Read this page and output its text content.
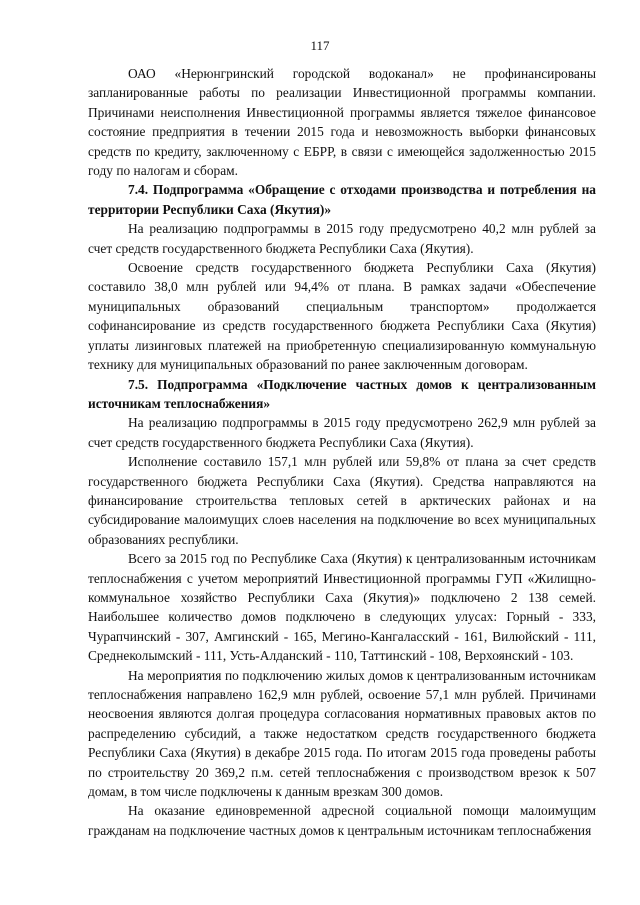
117

ОАО «Нерюнгринский городской водоканал» не профинансированы запланированные работы по реализации Инвестиционной программы компании. Причинами неисполнения Инвестиционной программы является тяжелое финансовое состояние предприятия в течении 2015 года и невозможность выборки финансовых средств по кредиту, заключенному с ЕБРР, в связи с имеющейся задолженностью 2015 году по налогам и сборам.

7.4. Подпрограмма «Обращение с отходами производства и потребления на территории Республики Саха (Якутия)»

На реализацию подпрограммы в 2015 году предусмотрено 40,2 млн рублей за счет средств государственного бюджета Республики Саха (Якутия).

Освоение средств государственного бюджета Республики Саха (Якутия) составило 38,0 млн рублей или 94,4% от плана. В рамках задачи «Обеспечение муниципальных образований специальным транспортом» продолжается софинансирование из средств государственного бюджета Республики Саха (Якутия) уплаты лизинговых платежей на приобретенную специализированную коммунальную технику для муниципальных образований по ранее заключенным договорам.

7.5. Подпрограмма «Подключение частных домов к централизованным источникам теплоснабжения»

На реализацию подпрограммы в 2015 году предусмотрено 262,9 млн рублей за счет средств государственного бюджета Республики Саха (Якутия).

Исполнение составило 157,1 млн рублей или 59,8% от плана за счет средств государственного бюджета Республики Саха (Якутия). Средства направляются на финансирование строительства тепловых сетей в арктических районах и на субсидирование малоимущих слоев населения на подключение во всех муниципальных образованиях республики.

Всего за 2015 год по Республике Саха (Якутия) к централизованным источникам теплоснабжения с учетом мероприятий Инвестиционной программы ГУП «Жилищно-коммунальное хозяйство Республики Саха (Якутия)» подключено 2 138 семей. Наибольшее количество домов подключено в следующих улусах: Горный - 333, Чурапчинский - 307, Амгинский - 165, Мегино-Кангаласский - 161, Вилюйский - 111, Среднеколымский - 111, Усть-Алданский - 110, Таттинский - 108, Верхоянский - 103.

На мероприятия по подключению жилых домов к централизованным источникам теплоснабжения направлено 162,9 млн рублей, освоение 57,1 млн рублей. Причинами неосвоения являются долгая процедура согласования нормативных правовых актов по распределению субсидий, а также недостатком средств государственного бюджета Республики Саха (Якутия) в декабре 2015 года. По итогам 2015 года проведены работы по строительству 20 369,2 п.м. сетей теплоснабжения с производством врезок к 507 домам, в том числе подключены к данным врезкам 300 домов.

На оказание единовременной адресной социальной помощи малоимущим гражданам на подключение частных домов к центральным источникам теплоснабжения
